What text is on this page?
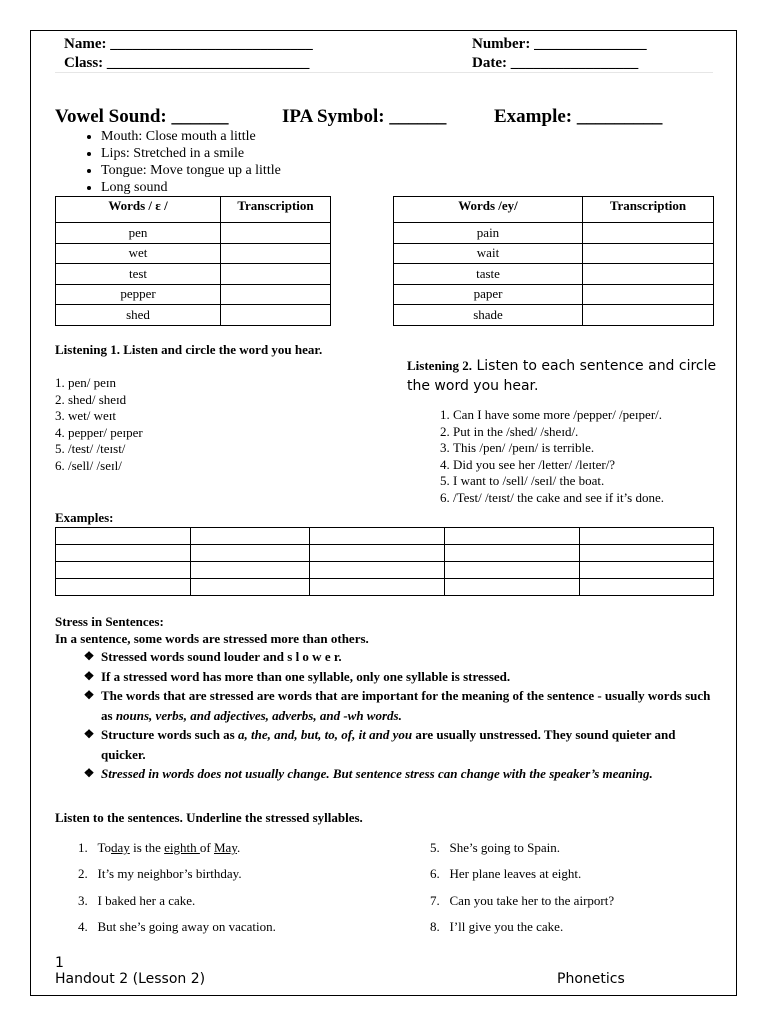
Name: ___________________________
Class: ___________________________
Number: _______________
Date: _________________
Vowel Sound: ______	IPA Symbol: ______	Example: _________
• Mouth: Close mouth a little
• Lips: Stretched in a smile
• Tongue: Move tongue up a little
• Long sound
Words / ɛ /	Transcription
pen	
wet	
test	
pepper	
shed	
Words /ey/	Transcription
pain	
wait	
taste	
paper	
shade	
Listening 1. Listen and circle the word you hear.
1. pen/ peɪn
2. shed/ sheɪd
3. wet/ weɪt
4. pepper/ peɪper
5. /test/ /teɪst/
6. /sell/ /seɪl/
Listening 2. Listen to each sentence and circle the word you hear.
1. Can I have some more /pepper/ /peɪper/.
2. Put in the /shed/ /sheɪd/.
3. This /pen/ /peɪn/ is terrible.
4. Did you see her /letter/ /leɪter/?
5. I want to /sell/ /seɪl/ the boat.
6. /Test/ /teɪst/ the cake and see if it’s done.
Examples:

Stress in Sentences:
In a sentence, some words are stressed more than others.
❖ Stressed words sound louder and s l o w e r.
❖ If a stressed word has more than one syllable, only one syllable is stressed.
❖ The words that are stressed are words that are important for the meaning of the sentence - usually words such as nouns, verbs, and adjectives, adverbs, and -wh words.
❖ Structure words such as a, the, and, but, to, of, it and you are usually unstressed. They sound quieter and quicker.
❖ Stressed in words does not usually change. But sentence stress can change with the speaker’s meaning.
Listen to the sentences. Underline the stressed syllables.
1. Today is the eighth of May.
2. It’s my neighbor’s birthday.
3. I baked her a cake.
4. But she’s going away on vacation.
5. She’s going to Spain.
6. Her plane leaves at eight.
7. Can you take her to the airport?
8. I’ll give you the cake.
1
Handout 2 (Lesson 2)	Phonetics
